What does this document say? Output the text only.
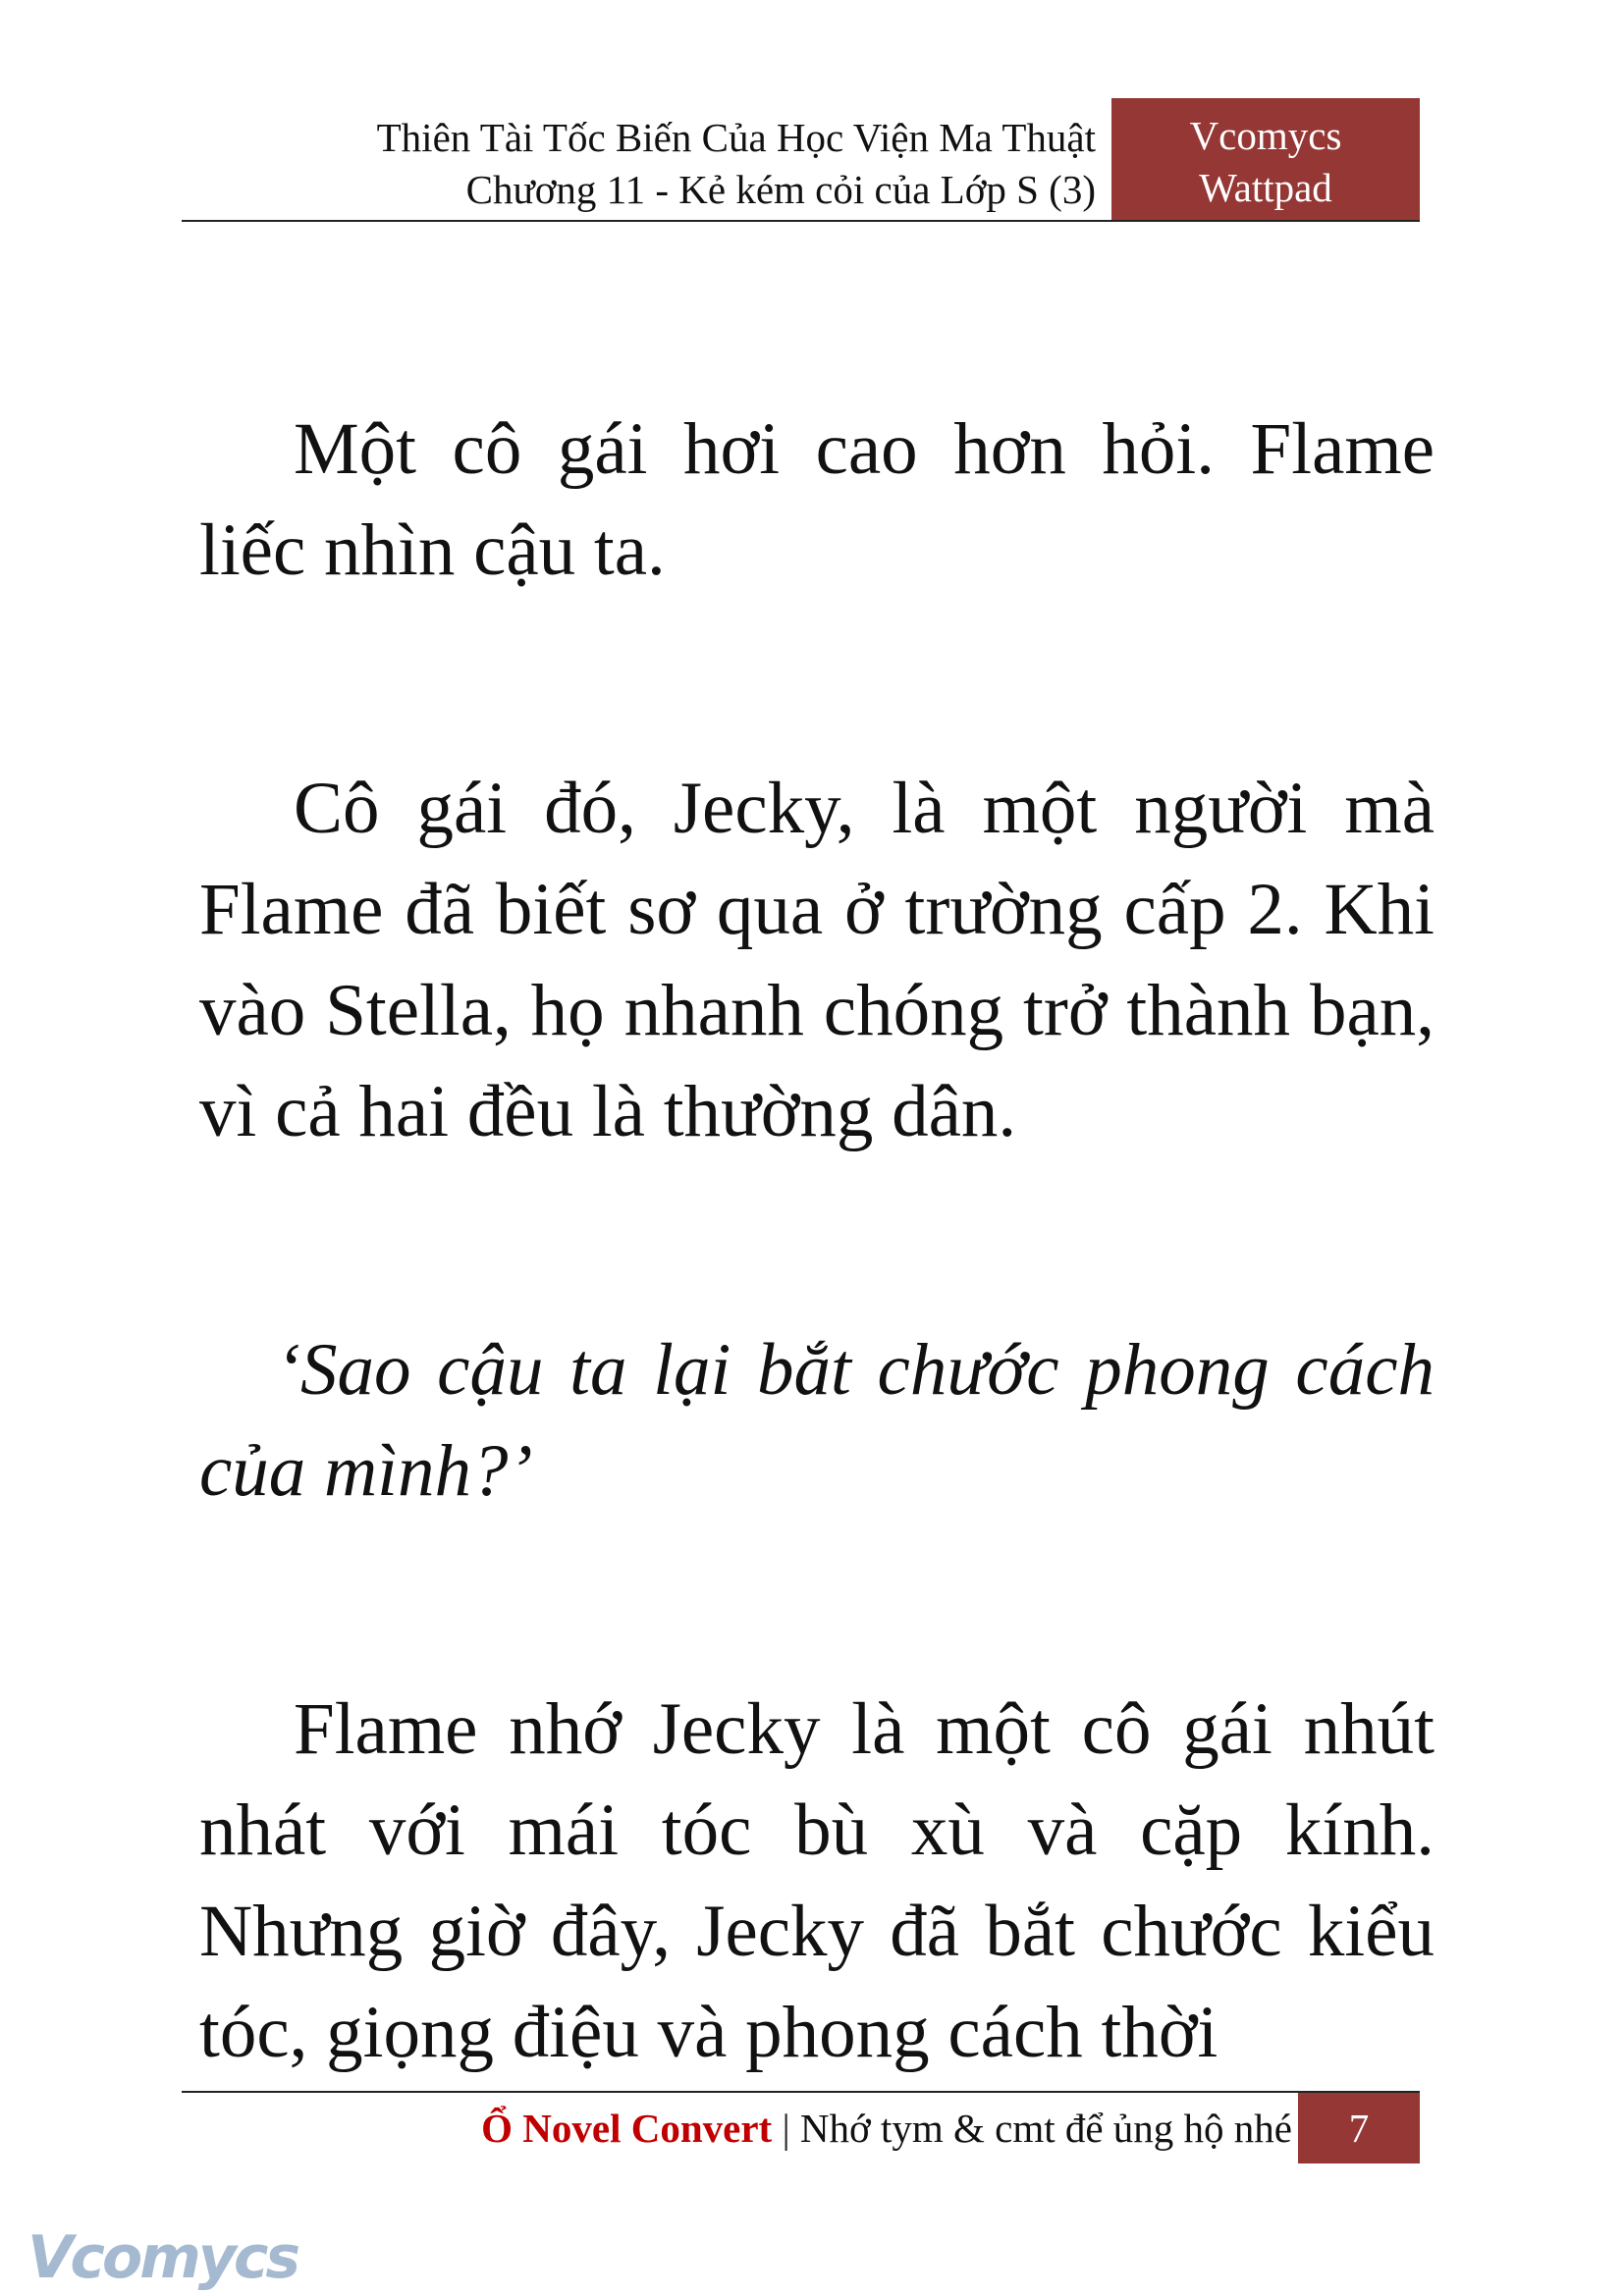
Thiên Tài Tốc Biến Của Học Viện Ma Thuật
Chương 11 - Kẻ kém cỏi của Lớp S (3)
Vcomycs
Wattpad

Một cô gái hơi cao hơn hỏi. Flame liếc nhìn cậu ta.

Cô gái đó, Jecky, là một người mà Flame đã biết sơ qua ở trường cấp 2. Khi vào Stella, họ nhanh chóng trở thành bạn, vì cả hai đều là thường dân.

‘Sao cậu ta lại bắt chước phong cách của mình?’

Flame nhớ Jecky là một cô gái nhút nhát với mái tóc bù xù và cặp kính. Nhưng giờ đây, Jecky đã bắt chước kiểu tóc, giọng điệu và phong cách thời

Ổ Novel Convert | Nhớ tym & cmt để ủng hộ nhé	7
Vcomycs
